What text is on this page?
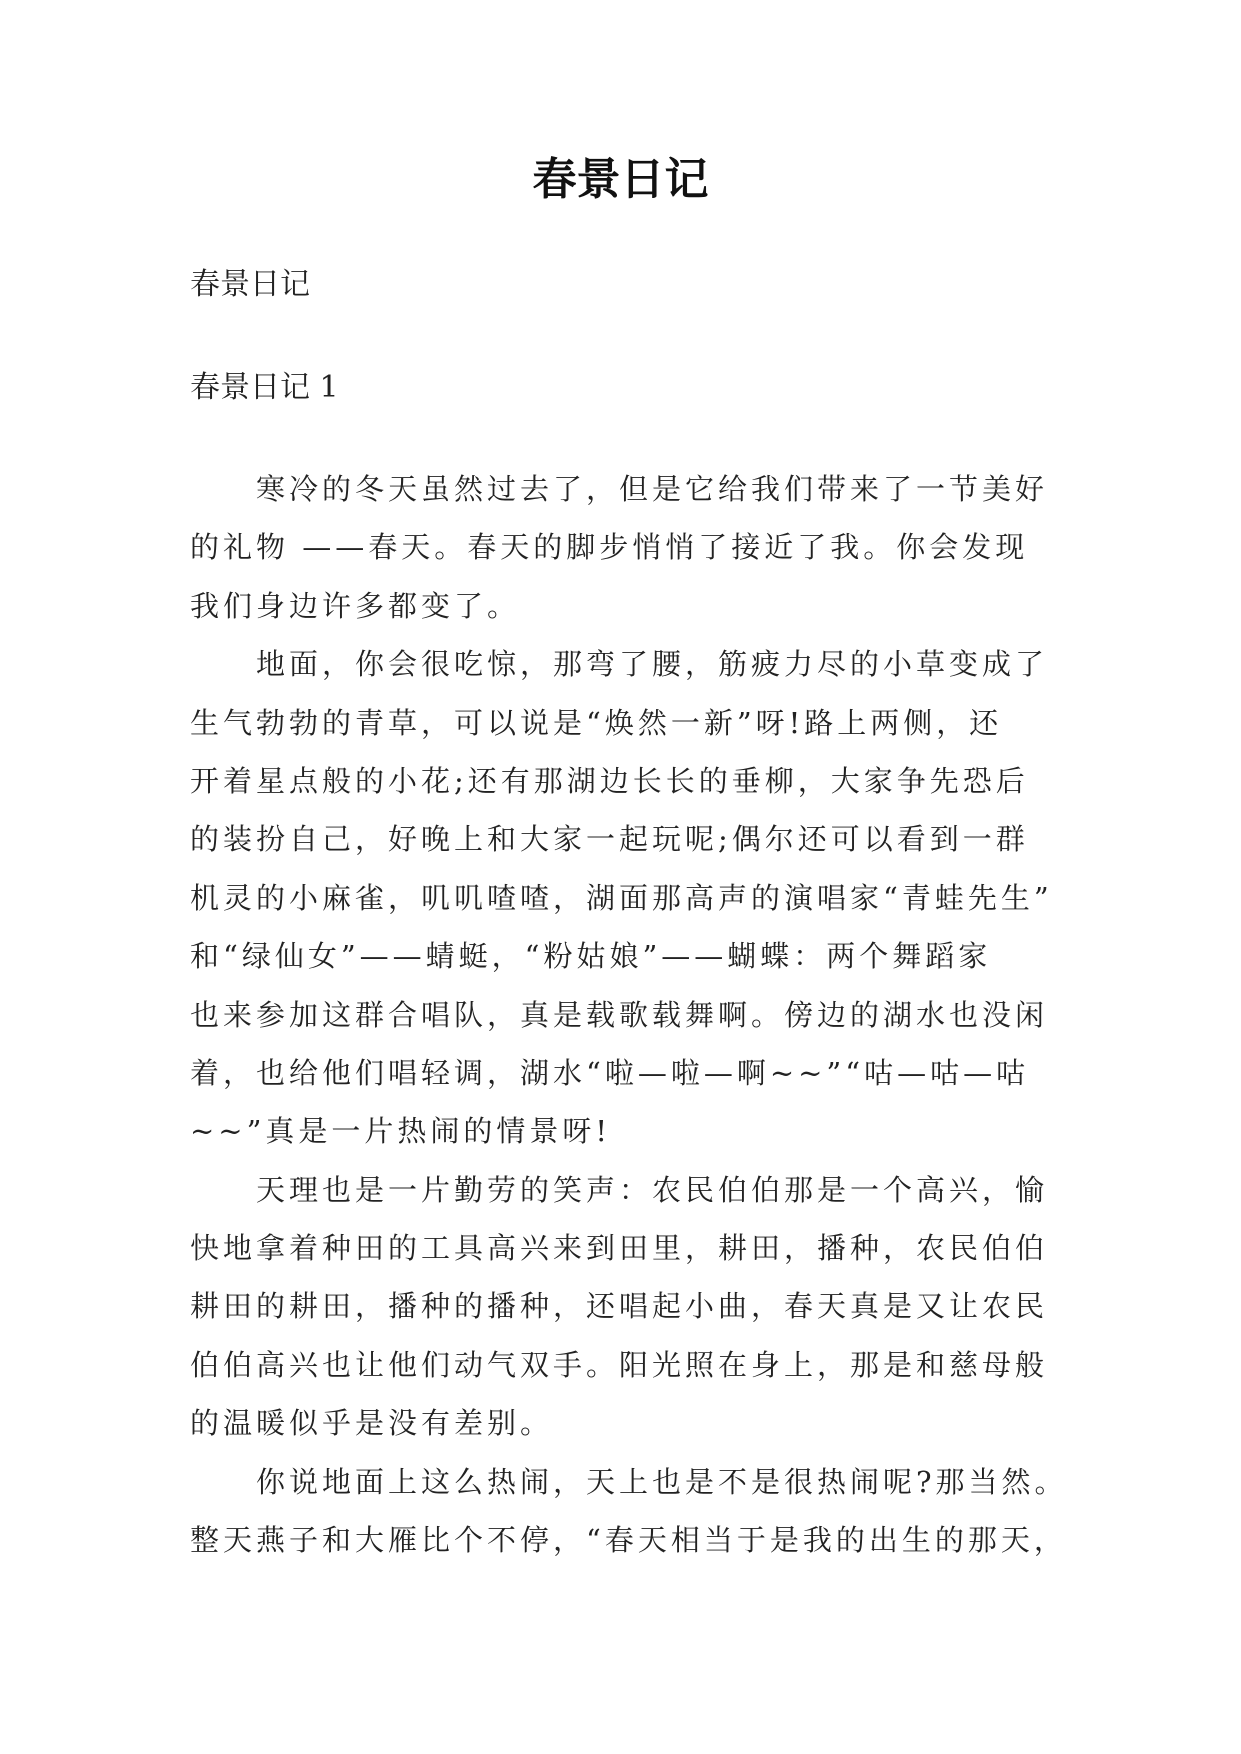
春景日记
春景日记
春景日记 1
寒冷的冬天虽然过去了，但是它给我们带来了一节美好
的礼物 ——春天。春天的脚步悄悄了接近了我。你会发现
我们身边许多都变了。
地面，你会很吃惊，那弯了腰，筋疲力尽的小草变成了
生气勃勃的青草，可以说是“焕然一新”呀!路上两侧，还
开着星点般的小花;还有那湖边长长的垂柳，大家争先恐后
的装扮自己，好晚上和大家一起玩呢;偶尔还可以看到一群
机灵的小麻雀，叽叽喳喳，湖面那高声的演唱家“青蛙先生”
和“绿仙女”——蜻蜓，“粉姑娘”——蝴蝶：两个舞蹈家
也来参加这群合唱队，真是载歌载舞啊。傍边的湖水也没闲
着，也给他们唱轻调，湖水“啦—啦—啊~~”“咕—咕—咕
~~”真是一片热闹的情景呀!
天理也是一片勤劳的笑声：农民伯伯那是一个高兴，愉
快地拿着种田的工具高兴来到田里，耕田，播种，农民伯伯
耕田的耕田，播种的播种，还唱起小曲，春天真是又让农民
伯伯高兴也让他们动气双手。阳光照在身上，那是和慈母般
的温暖似乎是没有差别。
你说地面上这么热闹，天上也是不是很热闹呢?那当然。
整天燕子和大雁比个不停，“春天相当于是我的出生的那天，
